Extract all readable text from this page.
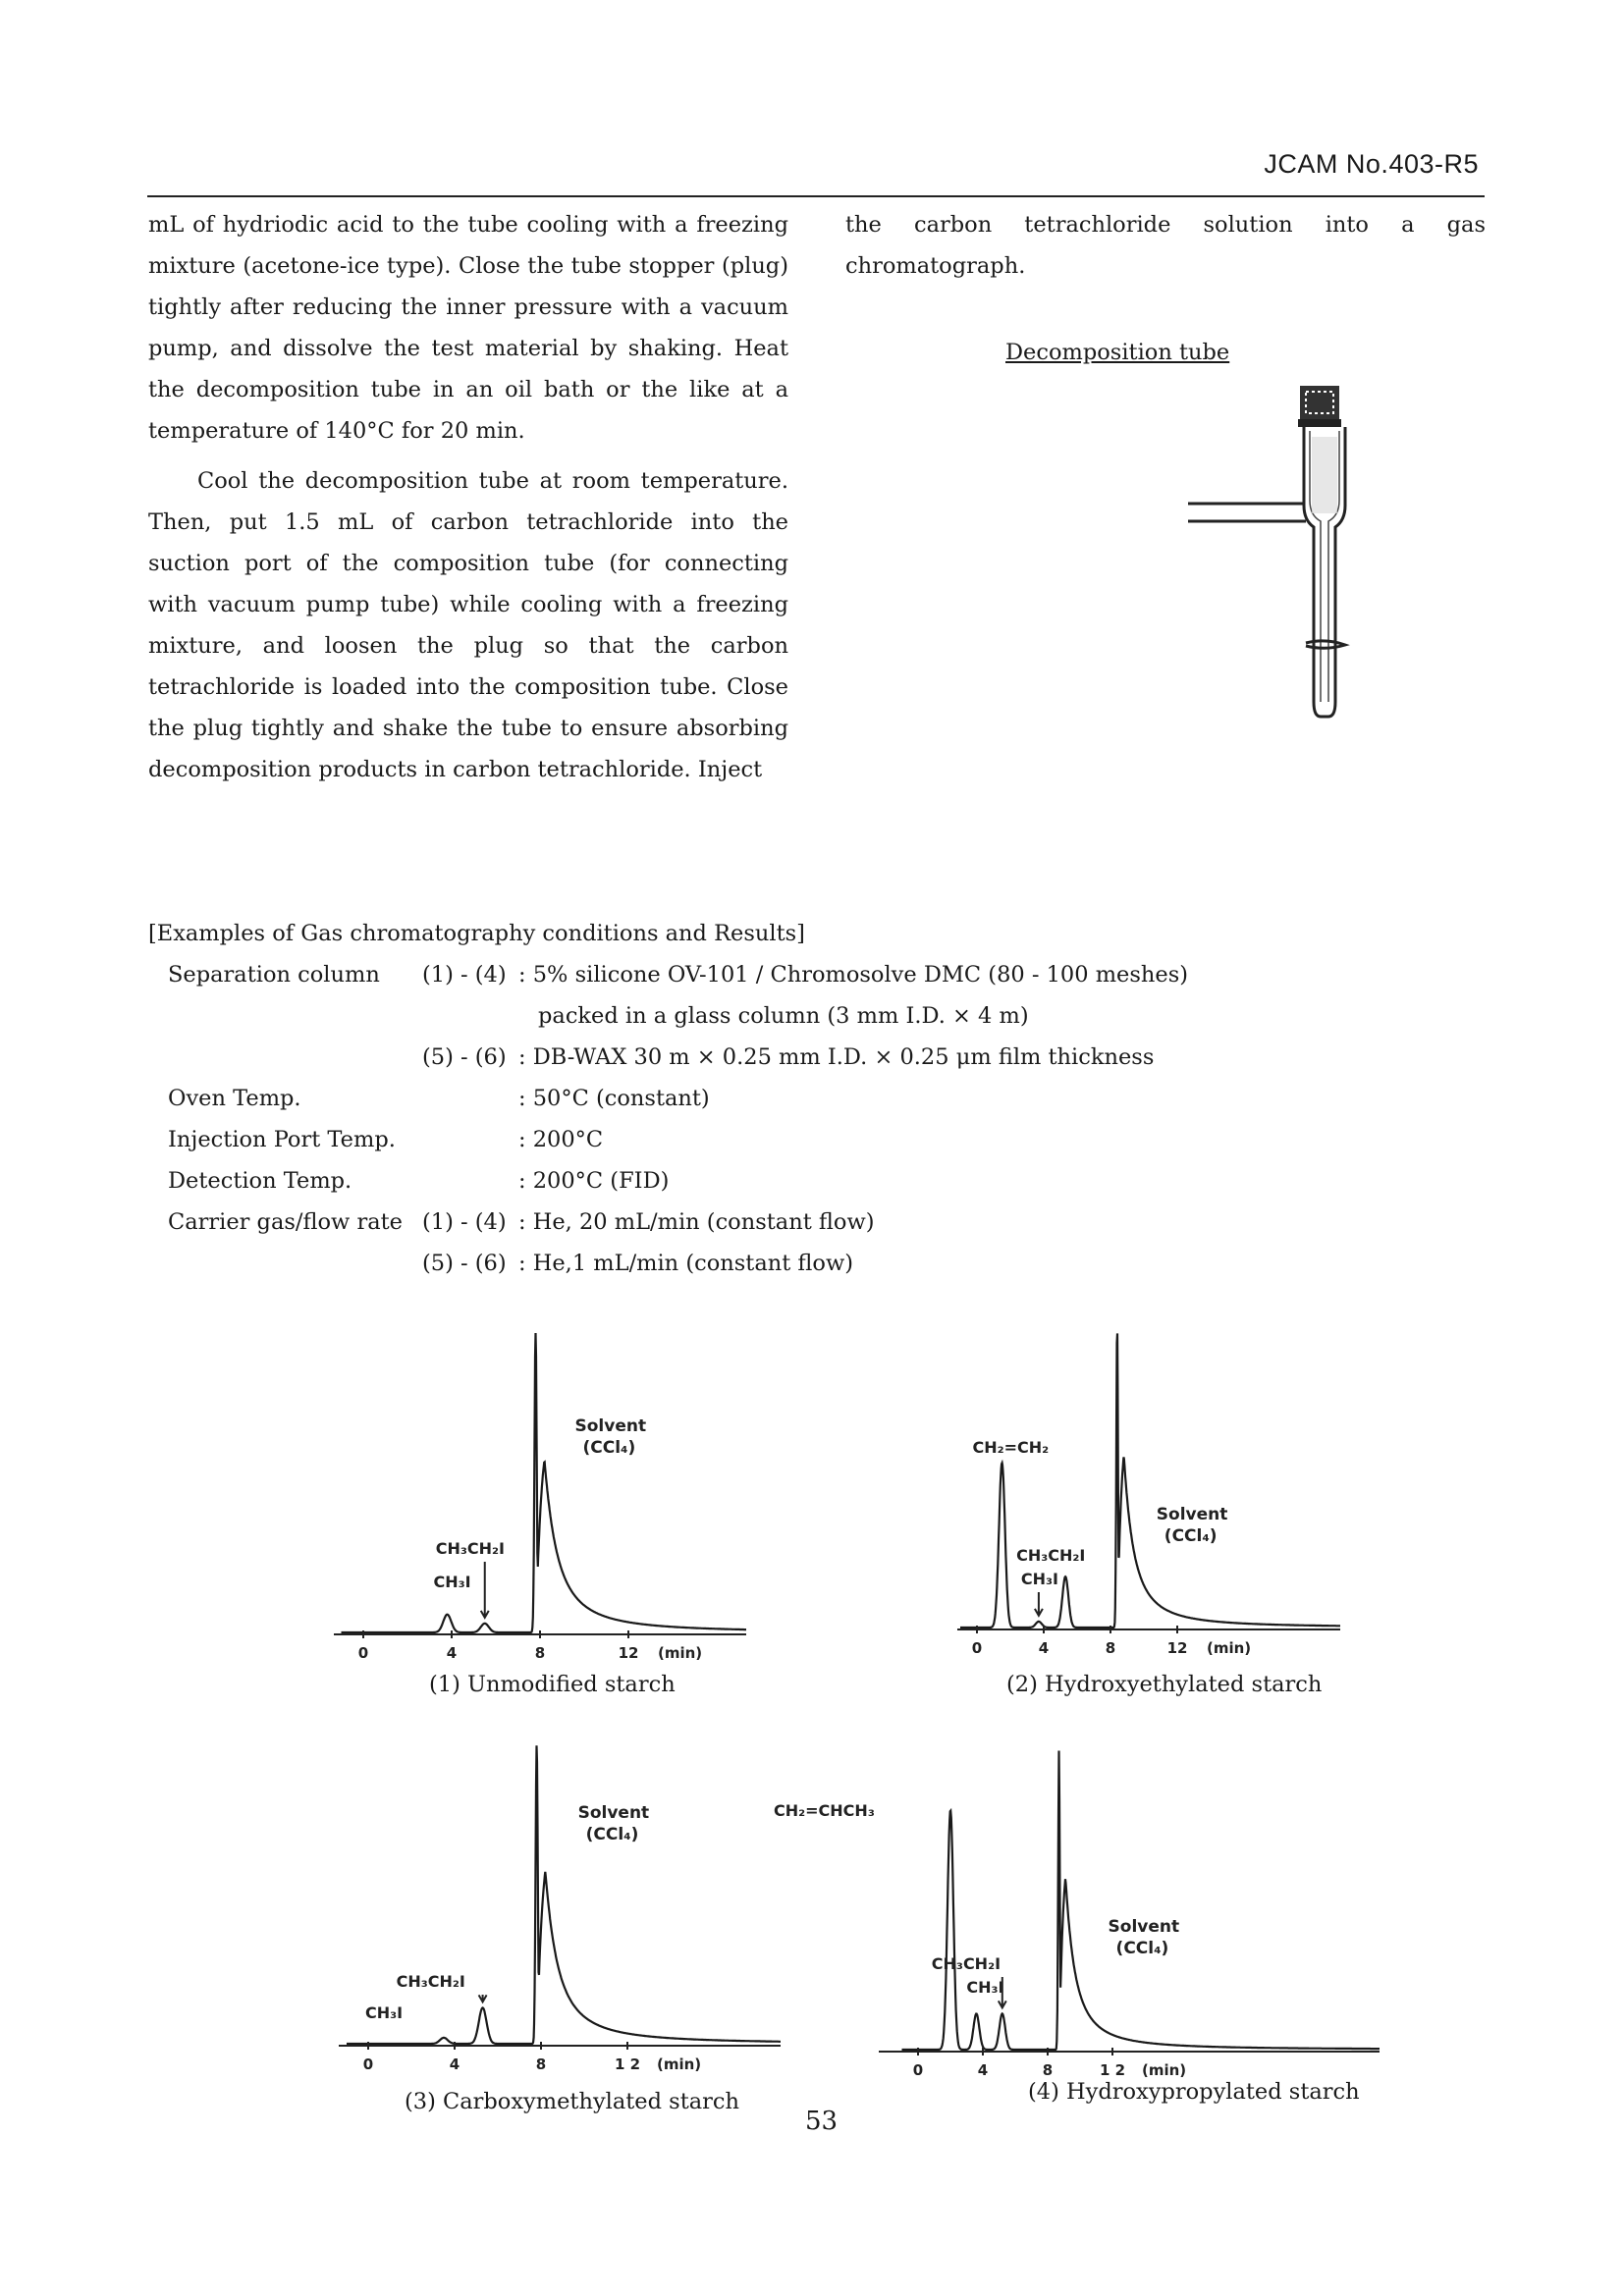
JCAM No.403-R5

mL of hydriodic acid to the tube cooling with a freezing mixture (acetone-ice type). Close the tube stopper (plug) tightly after reducing the inner pressure with a vacuum pump, and dissolve the test material by shaking. Heat the decomposition tube in an oil bath or the like at a temperature of 140°C for 20 min.

Cool the decomposition tube at room temperature. Then, put 1.5 mL of carbon tetrachloride into the suction port of the composition tube (for connecting with vacuum pump tube) while cooling with a freezing mixture, and loosen the plug so that the carbon tetrachloride is loaded into the composition tube. Close the plug tightly and shake the tube to ensure absorbing decomposition products in carbon tetrachloride. Inject

the carbon tetrachloride solution into a gas chromatograph.

Decomposition tube
[Examples of Gas chromatography conditions and Results]
Separation column (1) - (4) : 5% silicone OV-101 / Chromosolve DMC (80 - 100 meshes)
packed in a glass column (3 mm I.D. × 4 m)
(5) - (6) : DB-WAX 30 m × 0.25 mm I.D. × 0.25 μm film thickness
Oven Temp.	: 50°C (constant)
Injection Port Temp.	: 200°C
Detection Temp.	: 200°C (FID)
Carrier gas/flow rate (1) - (4) : He, 20 mL/min (constant flow)
(5) - (6) : He,1 mL/min (constant flow)
0	4	8	12 (min)
CH₃I
CH₃CH₂I
Solvent
(CCl₄)
0	4	8	12 (min)
CH₂=CH₂
CH₃I
CH₃CH₂I
Solvent
(CCl₄)
0	4	8	1 2 (min)
CH₃I
CH₃CH₂I
Solvent
(CCl₄)
0	4	8	1 2 (min)
CH₂=CHCH₃
CH₃I
CH₃CH₂I
Solvent
(CCl₄)
(1) Unmodified starch	(2) Hydroxyethylated starch
(3) Carboxymethylated starch	(4) Hydroxypropylated starch
53
